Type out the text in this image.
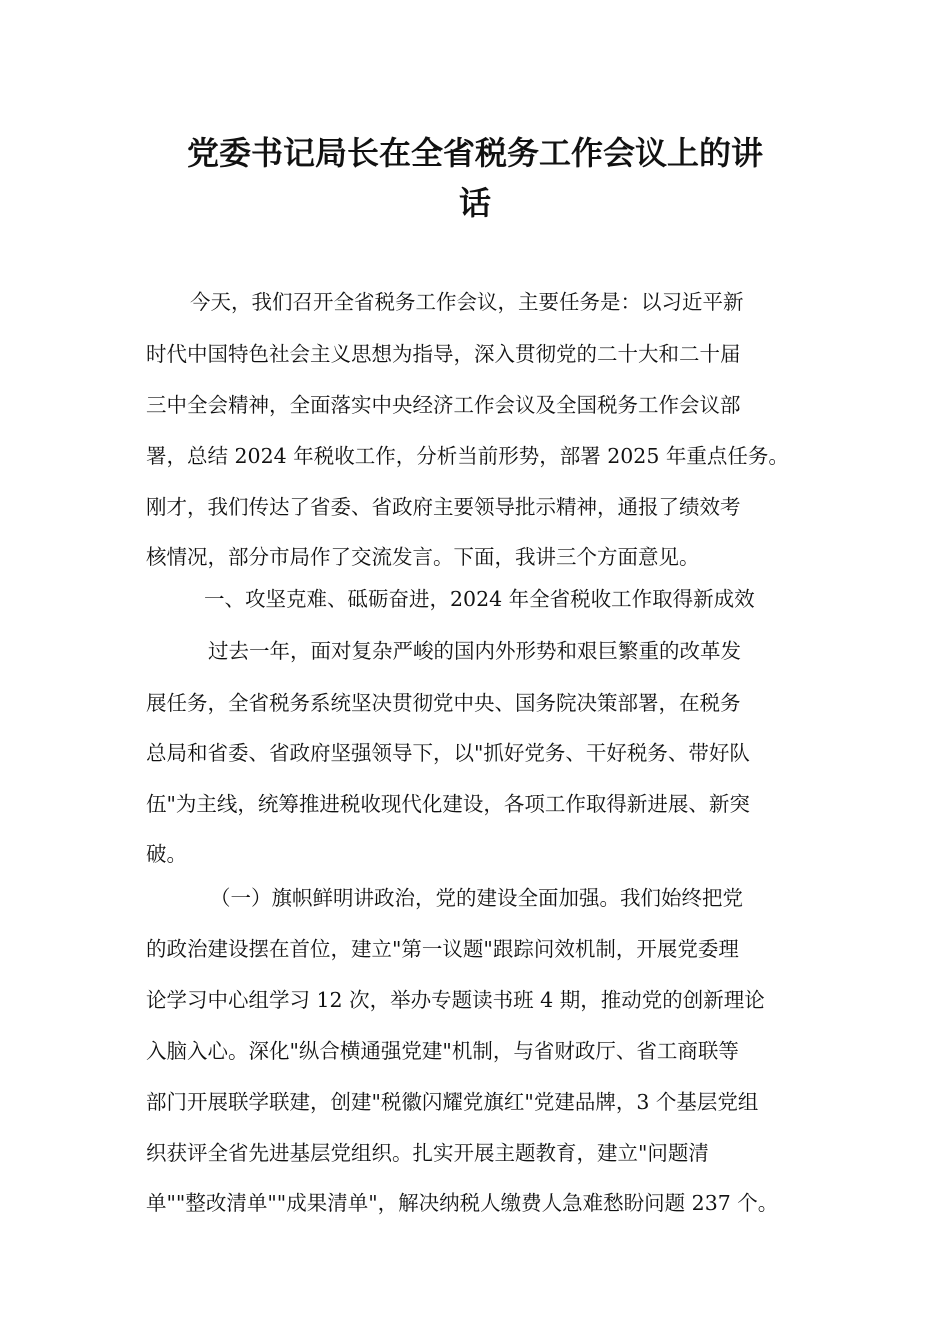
党委书记局长在全省税务工作会议上的讲
话
今天，我们召开全省税务工作会议，主要任务是：以习近平新
时代中国特色社会主义思想为指导，深入贯彻党的二十大和二十届
三中全会精神，全面落实中央经济工作会议及全国税务工作会议部
署，总结 2024 年税收工作，分析当前形势，部署 2025 年重点任务。
刚才，我们传达了省委、省政府主要领导批示精神，通报了绩效考
核情况，部分市局作了交流发言。下面，我讲三个方面意见。
一、攻坚克难、砥砺奋进，2024 年全省税收工作取得新成效
过去一年，面对复杂严峻的国内外形势和艰巨繁重的改革发
展任务，全省税务系统坚决贯彻党中央、国务院决策部署，在税务
总局和省委、省政府坚强领导下，以"抓好党务、干好税务、带好队
伍"为主线，统筹推进税收现代化建设，各项工作取得新进展、新突
破。
（一）旗帜鲜明讲政治，党的建设全面加强。我们始终把党
的政治建设摆在首位，建立"第一议题"跟踪问效机制，开展党委理
论学习中心组学习 12 次，举办专题读书班 4 期，推动党的创新理论
入脑入心。深化"纵合横通强党建"机制，与省财政厅、省工商联等
部门开展联学联建，创建"税徽闪耀党旗红"党建品牌，3 个基层党组
织获评全省先进基层党组织。扎实开展主题教育，建立"问题清
单""整改清单""成果清单"，解决纳税人缴费人急难愁盼问题 237 个。
